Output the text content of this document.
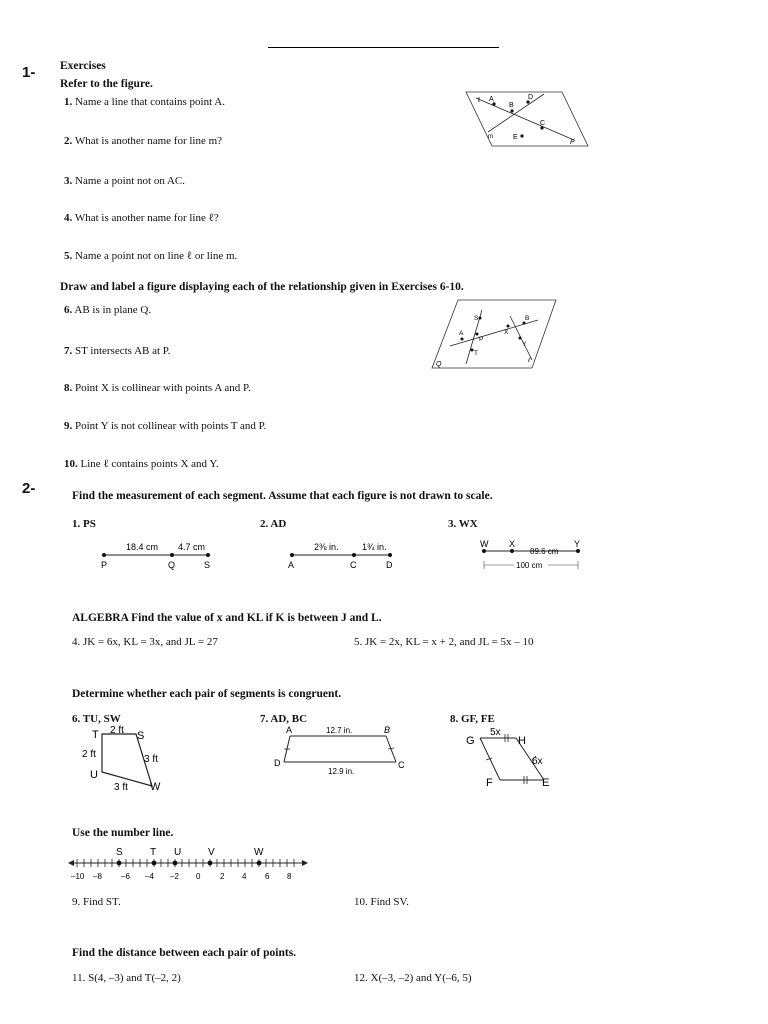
1- Exercises
Refer to the figure.
1. Name a line that contains point A.
2. What is another name for line m?
3. Name a point not on AC.
4. What is another name for line ℓ?
5. Name a point not on line ℓ or line m.
ℓ A
B
D
m	E
C
P
Draw and label a figure displaying each of the relationship given in Exercises 6-10.
6. AB is in plane Q.
7. ST intersects AB at P.
8. Point X is collinear with points A and P.
9. Point Y is not collinear with points T and P.
10. Line ℓ contains points X and Y.
S
A
P
T
X
B
Y
ℓ
Q
2-	Find the measurement of each segment. Assume that each figure is not drawn to scale.
1. PS	2. AD	3. WX
18.4 cm 4.7 cm
P	Q	S
2⅜ in.	1¾ in.
A	C	D
W X	Y
89.6 cm
100 cm
ALGEBRA Find the value of x and KL if K is between J and L.
4. JK = 6x, KL = 3x, and JL = 27	5. JK = 2x, KL = x + 2, and JL = 5x – 10
Determine whether each pair of segments is congruent.
6. TU, SW	7. AD, BC	8. GF, FE
T	S
U
W
2 ft
2 ft	3 ft
3 ft
A	B
D	C
12.7 in.
12.9 in.
G	H
F	E
5x
6x
Use the number line.
S	T U	V	W
–10 –8 –6 –4 –2 0 2 4 6 8
9. Find ST.	10. Find SV.
Find the distance between each pair of points.
11. S(4, –3) and T(–2, 2)	12. X(–3, –2) and Y(–6, 5)
